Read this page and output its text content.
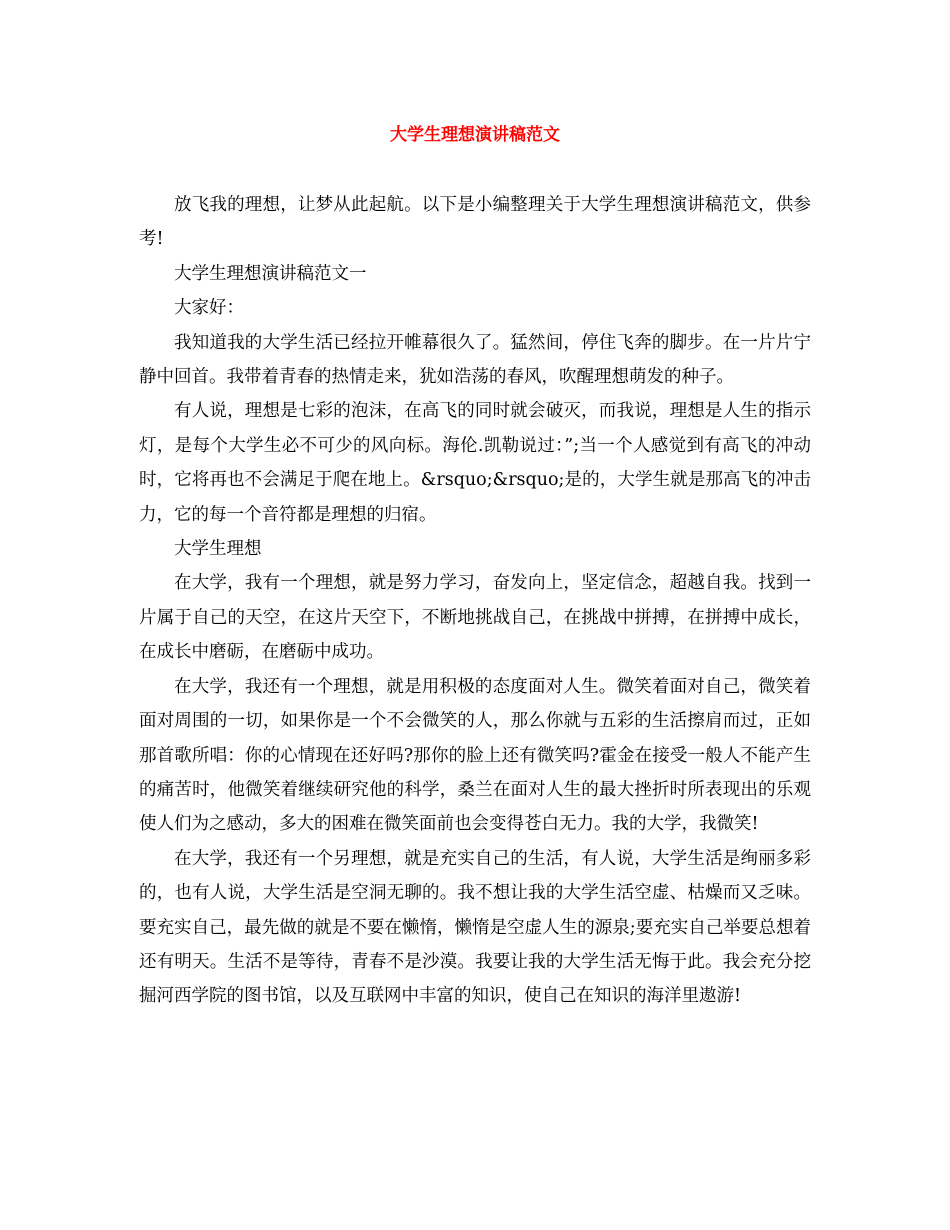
大学生理想演讲稿范文

放飞我的理想，让梦从此起航。以下是小编整理关于大学生理想演讲稿范文，供参考!

大学生理想演讲稿范文一

大家好：

我知道我的大学生活已经拉开帷幕很久了。猛然间，停住飞奔的脚步。在一片片宁静中回首。我带着青春的热情走来，犹如浩荡的春风，吹醒理想萌发的种子。

有人说，理想是七彩的泡沫，在高飞的同时就会破灭，而我说，理想是人生的指示灯，是每个大学生必不可少的风向标。海伦.凯勒说过：”;当一个人感觉到有高飞的冲动时，它将再也不会满足于爬在地上。&rsquo;&rsquo;是的，大学生就是那高飞的冲击力，它的每一个音符都是理想的归宿。

大学生理想

在大学，我有一个理想，就是努力学习，奋发向上，坚定信念，超越自我。找到一片属于自己的天空，在这片天空下，不断地挑战自己，在挑战中拼搏，在拼搏中成长，在成长中磨砺，在磨砺中成功。

在大学，我还有一个理想，就是用积极的态度面对人生。微笑着面对自己，微笑着面对周围的一切，如果你是一个不会微笑的人，那么你就与五彩的生活擦肩而过，正如那首歌所唱：你的心情现在还好吗?那你的脸上还有微笑吗?霍金在接受一般人不能产生的痛苦时，他微笑着继续研究他的科学，桑兰在面对人生的最大挫折时所表现出的乐观使人们为之感动，多大的困难在微笑面前也会变得苍白无力。我的大学，我微笑!

在大学，我还有一个另理想，就是充实自己的生活，有人说，大学生活是绚丽多彩的，也有人说，大学生活是空洞无聊的。我不想让我的大学生活空虚、枯燥而又乏味。要充实自己，最先做的就是不要在懒惰，懒惰是空虚人生的源泉;要充实自己举要总想着还有明天。生活不是等待，青春不是沙漠。我要让我的大学生活无悔于此。我会充分挖掘河西学院的图书馆，以及互联网中丰富的知识，使自己在知识的海洋里遨游!
